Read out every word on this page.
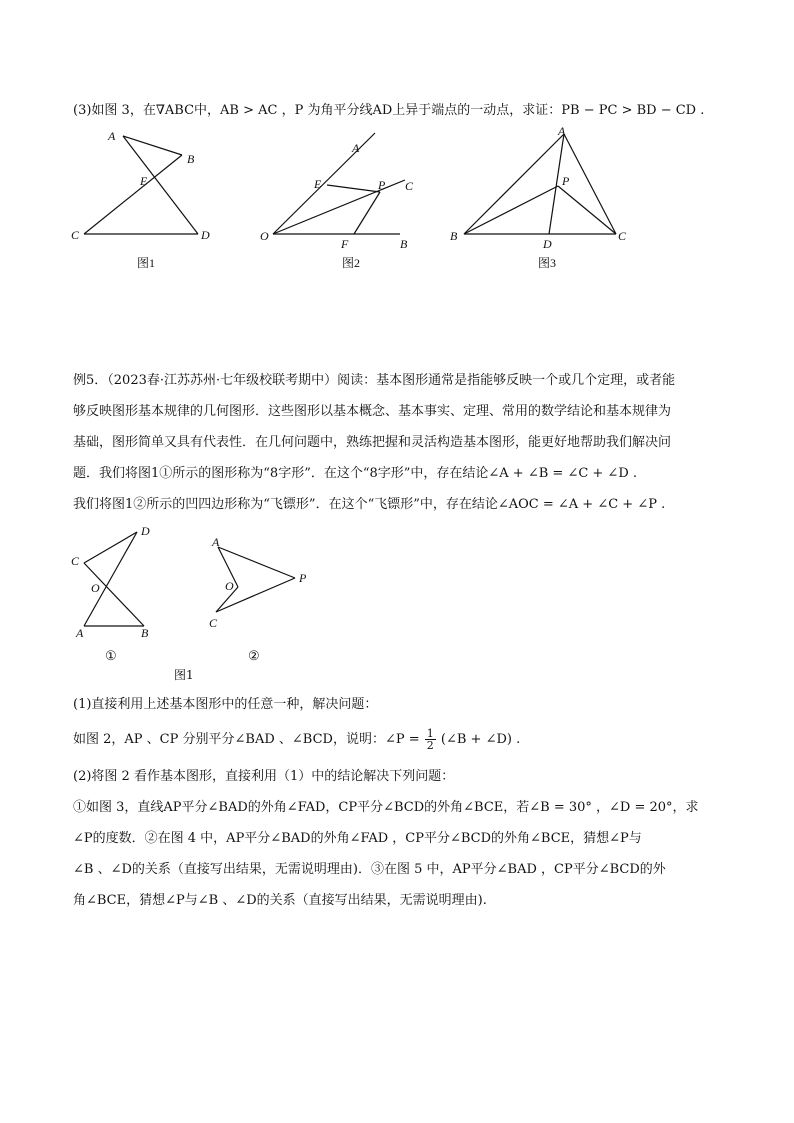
(3)如图 3，在∇ABC中，AB > AC ，P 为角平分线AD上异于端点的一动点，求证：PB − PC > BD − CD .
A
B
E
C	D
图1
A
E	P C
O
F	B
图2
A
P
B
D
C
图3
例5．（2023春·江苏苏州·七年级校联考期中）阅读：基本图形通常是指能够反映一个或几个定理，或者能
够反映图形基本规律的几何图形．这些图形以基本概念、基本事实、定理、常用的数学结论和基本规律为
基础，图形简单又具有代表性．在几何问题中，熟练把握和灵活构造基本图形，能更好地帮助我们解决问
题．我们将图1①所示的图形称为“8字形”．在这个“8字形”中，存在结论∠A + ∠B = ∠C + ∠D .
我们将图1②所示的凹四边形称为“飞镖形”．在这个“飞镖形”中，存在结论∠AOC = ∠A + ∠C + ∠P .
D
C
O
A	B
①
A
P
O
C
②
图1
(1)直接利用上述基本图形中的任意一种，解决问题：
如图 2，AP 、CP 分别平分∠BAD 、∠BCD，说明：∠P = $\frac{1}{2}$ (∠B + ∠D) .
(2)将图 2 看作基本图形，直接利用（1）中的结论解决下列问题：
①如图 3，直线AP平分∠BAD的外角∠FAD，CP平分∠BCD的外角∠BCE，若∠B = 30° ，∠D = 20°，求
∠P的度数．②在图 4 中，AP平分∠BAD的外角∠FAD ，CP平分∠BCD的外角∠BCE，猜想∠P与
∠B 、∠D的关系（直接写出结果，无需说明理由)．③在图 5 中，AP平分∠BAD ，CP平分∠BCD的外
角∠BCE，猜想∠P与∠B 、∠D的关系（直接写出结果，无需说明理由).
